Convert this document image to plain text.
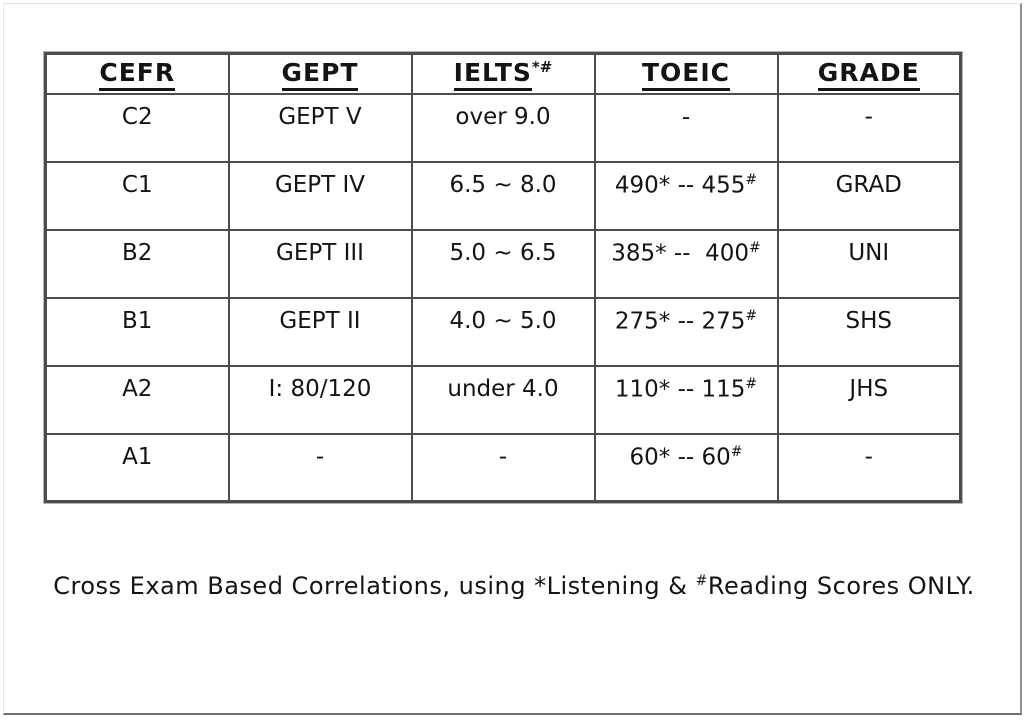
CEFR	GEPT	IELTS*#	TOEIC	GRADE
C2	GEPT V	over 9.0	-	-
C1	GEPT IV	6.5 ~ 8.0	490* -- 455#	GRAD
B2	GEPT III	5.0 ~ 6.5	385* --  400#	UNI
B1	GEPT II	4.0 ~ 5.0	275* -- 275#	SHS
A2	I: 80/120	under 4.0	110* -- 115#	JHS
A1	-	-	60* -- 60#	-
Cross Exam Based Correlations, using *Listening & #Reading Scores ONLY.
